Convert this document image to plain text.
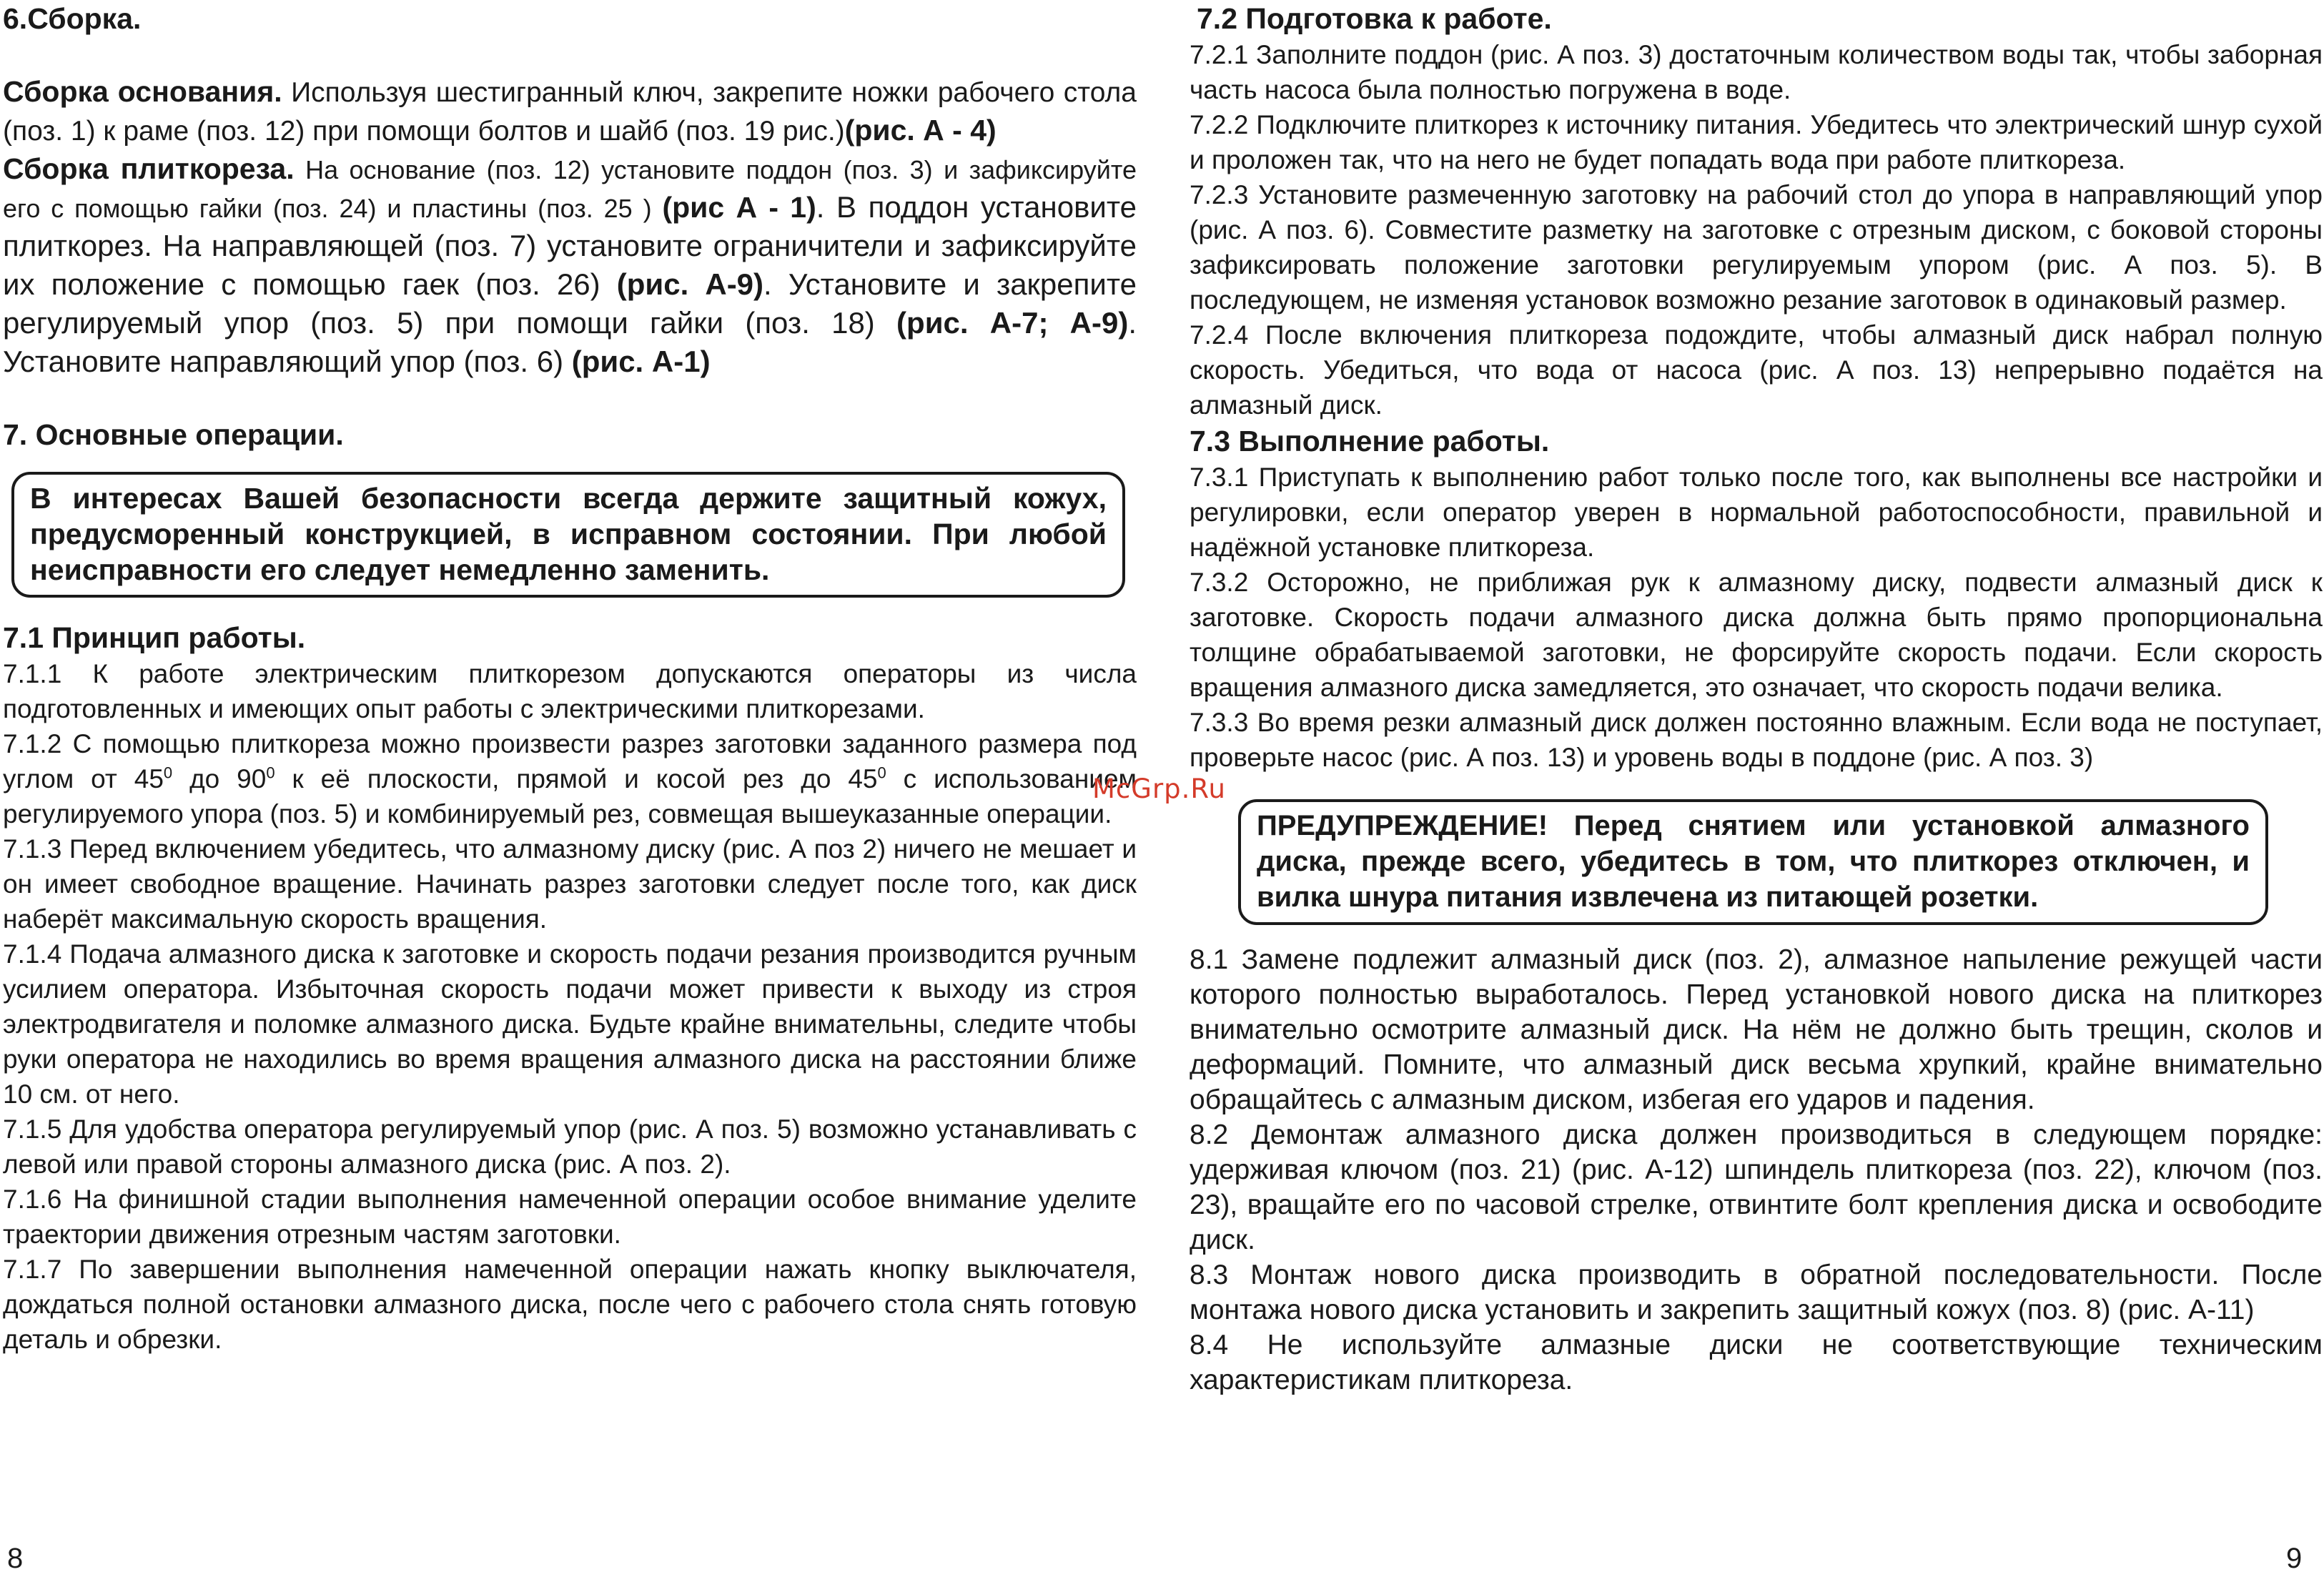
6.Сборка.

Сборка основания. Используя шестигранный ключ, закрепите ножки рабочего стола (поз. 1) к раме (поз. 12) при помощи болтов и шайб (поз. 19 рис.)(рис. А - 4)

Сборка плиткореза. На основание (поз. 12) установите поддон (поз. 3) и зафиксируйте его с помощью гайки (поз. 24) и пластины (поз. 25 ) (рис А - 1). В поддон установите плиткорез. На направляющей (поз. 7) установите ограничители и зафиксируйте их положение с помощью гаек (поз. 26) (рис. А-9). Установите и закрепите регулируемый упор (поз. 5) при помощи гайки (поз. 18) (рис. А-7; А-9). Установите направляющий упор (поз. 6) (рис. А-1)

7. Основные операции.

В интересах Вашей безопасности всегда держите защитный кожух, предусморенный конструкцией, в исправном состоянии. При любой неисправности его следует немедленно заменить.

7.1 Принцип работы.

7.1.1 К работе электрическим плиткорезом допускаются операторы из числа подготовленных и имеющих опыт работы с электрическими плиткорезами.

7.1.2 С помощью плиткореза можно произвести разрез заготовки заданного размера под углом от $45^0$ до $90^0$ к её плоскости, прямой и косой рез до $45^0$ с использованием регулируемого упора (поз. 5) и комбинируемый рез, совмещая вышеуказанные операции.

7.1.3 Перед включением убедитесь, что алмазному диску (рис. А поз 2) ничего не мешает и он имеет свободное вращение. Начинать разрез заготовки следует после того, как диск наберёт максимальную скорость вращения.

7.1.4 Подача алмазного диска к заготовке и скорость подачи резания производится ручным усилием оператора. Избыточная скорость подачи может привести к выходу из строя электродвигателя и поломке алмазного диска. Будьте крайне внимательны, следите чтобы руки оператора не находились во время вращения алмазного диска на расстоянии ближе 10 см. от него.

7.1.5 Для удобства оператора регулируемый упор (рис. А поз. 5) возможно устанавливать с левой или правой стороны алмазного диска (рис. А поз. 2).

7.1.6 На финишной стадии выполнения намеченной операции особое внимание уделите траектории движения отрезным частям заготовки.

7.1.7 По завершении выполнения намеченной операции нажать кнопку выключателя, дождаться полной остановки алмазного диска, после чего с рабочего стола снять готовую деталь и обрезки.

8

7.2 Подготовка к работе.

7.2.1 Заполните поддон (рис. А поз. 3) достаточным количеством воды так, чтобы заборная часть насоса была полностью погружена в воде.

7.2.2 Подключите плиткорез к источнику питания. Убедитесь что электрический шнур сухой и проложен так, что на него не будет попадать вода при работе плиткореза.

7.2.3 Установите размеченную заготовку на рабочий стол до упора в направляющий упор (рис. А поз. 6). Совместите разметку на заготовке с отрезным диском, с боковой стороны зафиксировать положение заготовки регулируемым упором (рис. А поз. 5). В последующем, не изменяя установок возможно резание заготовок в одинаковый размер.

7.2.4 После включения плиткореза подождите, чтобы алмазный диск набрал полную скорость. Убедиться, что вода от насоса (рис. А поз. 13) непрерывно подаётся на алмазный диск.

7.3 Выполнение работы.

7.3.1 Приступать к выполнению работ только после того, как выполнены все настройки и регулировки, если оператор уверен в нормальной работоспособности, правильной и надёжной установке плиткореза.

7.3.2 Осторожно, не приближая рук к алмазному диску, подвести алмазный диск к заготовке. Скорость подачи алмазного диска должна быть прямо пропорциональна толщине обрабатываемой заготовки, не форсируйте скорость подачи. Если скорость вращения алмазного диска замедляется, это означает, что скорость подачи велика.

7.3.3 Во время резки алмазный диск должен постоянно влажным. Если вода не поступает, проверьте насос (рис. А поз. 13) и уровень воды в поддоне (рис. А поз. 3)

ПРЕДУПРЕЖДЕНИЕ! Перед снятием или установкой алмазного диска, прежде всего, убедитесь в том, что плиткорез отключен, и вилка шнура питания извлечена из питающей розетки.

8.1 Замене подлежит алмазный диск (поз. 2), алмазное напыление режущей части которого полностью выработалось. Перед установкой нового диска на плиткорез внимательно осмотрите алмазный диск. На нём не должно быть трещин, сколов и деформаций. Помните, что алмазный диск весьма хрупкий, крайне внимательно обращайтесь с алмазным диском, избегая его ударов и падения.

8.2 Демонтаж алмазного диска должен производиться в следующем порядке: удерживая ключом (поз. 21) (рис. А-12) шпиндель плиткореза (поз. 22), ключом (поз. 23), вращайте его по часовой стрелке, отвинтите болт крепления диска и освободите диск.

8.3 Монтаж нового диска производить в обратной последовательности. После монтажа нового диска установить и закрепить защитный кожух (поз. 8) (рис. А-11)

8.4 Не используйте алмазные диски не соответствующие техническим характеристикам плиткореза.

9
McGrp.Ru
